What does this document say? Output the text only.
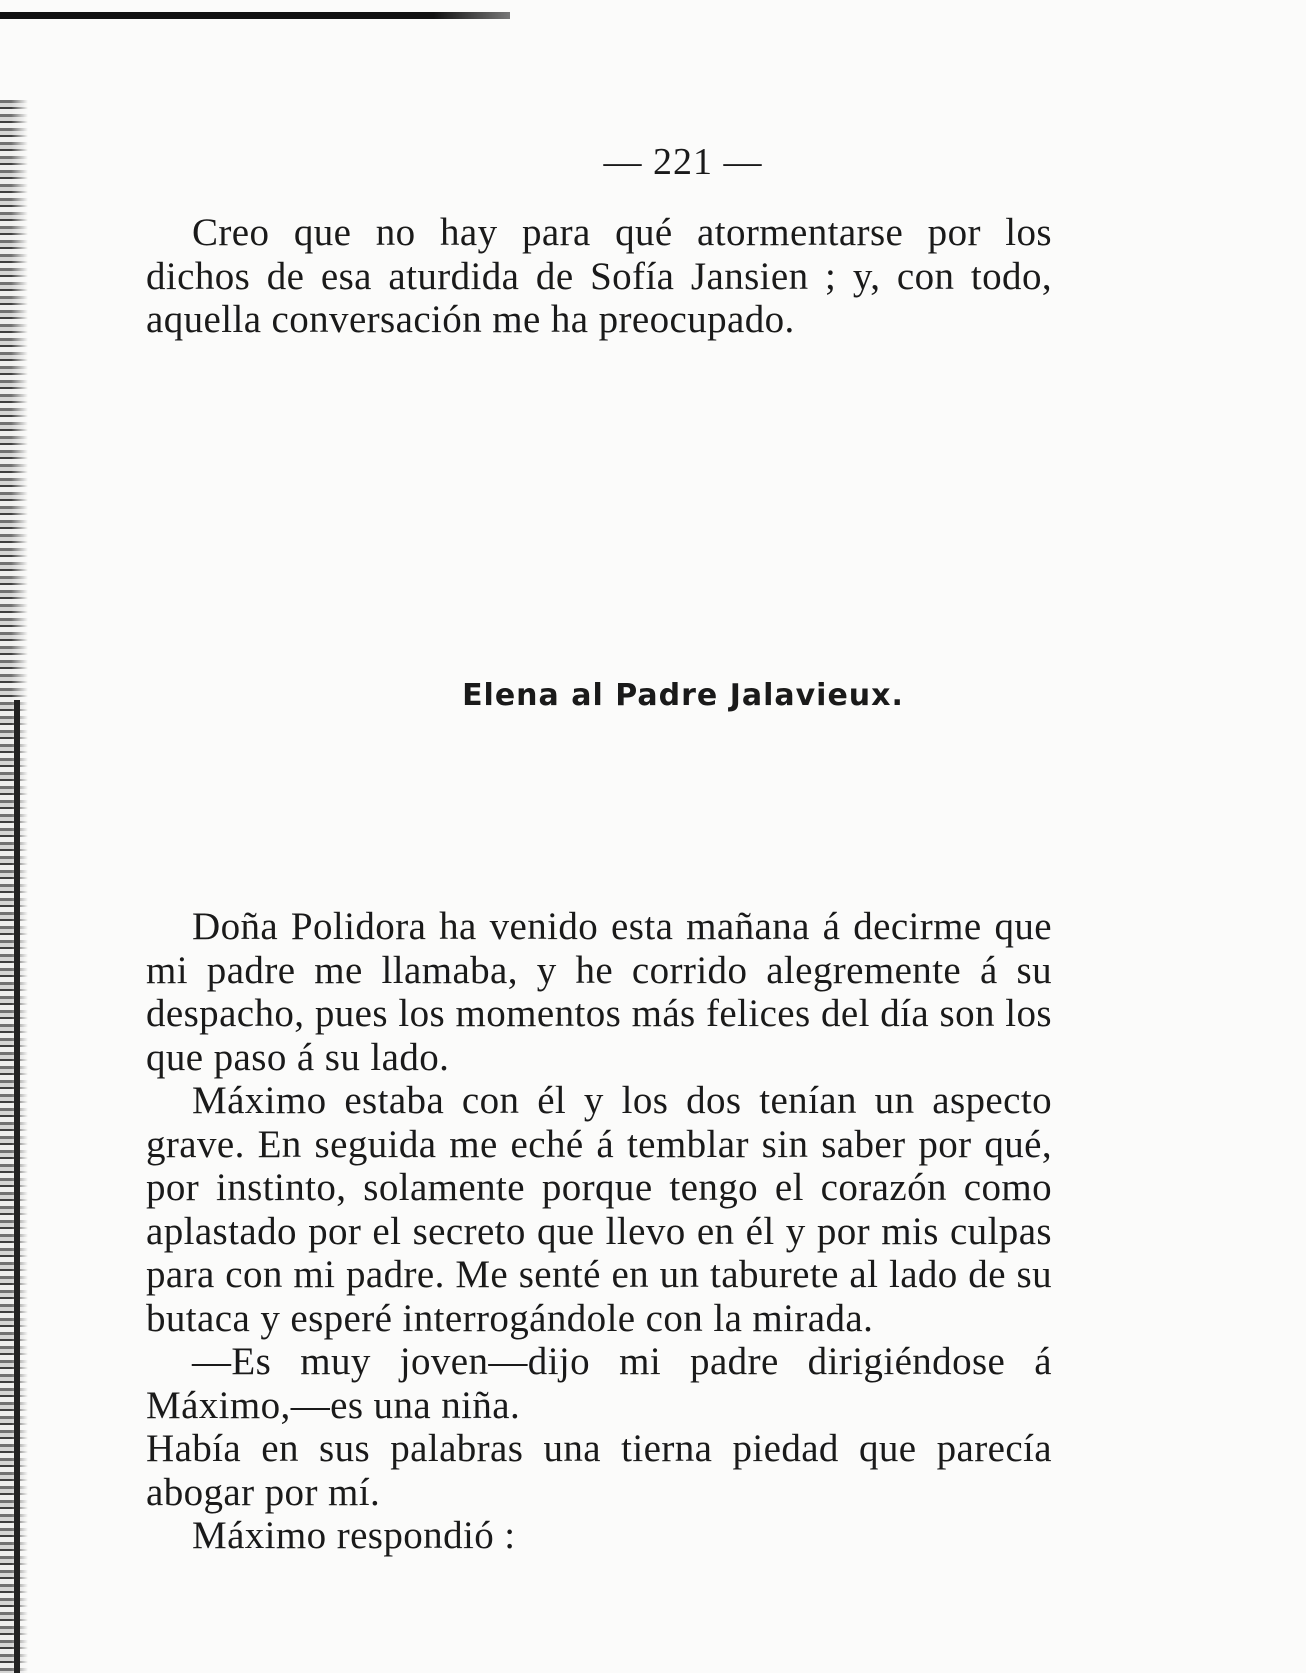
— 221 —

Creo que no hay para qué atormentarse por los dichos de esa aturdida de Sofía Jansien ; y, con todo, aquella conversación me ha preocupado.

Elena al Padre Jalavieux.

Doña Polidora ha venido esta mañana á decirme que mi padre me llamaba, y he corrido alegremente á su despacho, pues los momentos más felices del día son los que paso á su lado.

Máximo estaba con él y los dos tenían un aspecto grave. En seguida me eché á temblar sin saber por qué, por instinto, solamente porque tengo el corazón como aplastado por el secreto que llevo en él y por mis culpas para con mi padre. Me senté en un taburete al lado de su butaca y esperé interrogándole con la mirada.

—Es muy joven—dijo mi padre dirigiéndose á Máximo,—es una niña.

Había en sus palabras una tierna piedad que parecía abogar por mí.

Máximo respondió :
